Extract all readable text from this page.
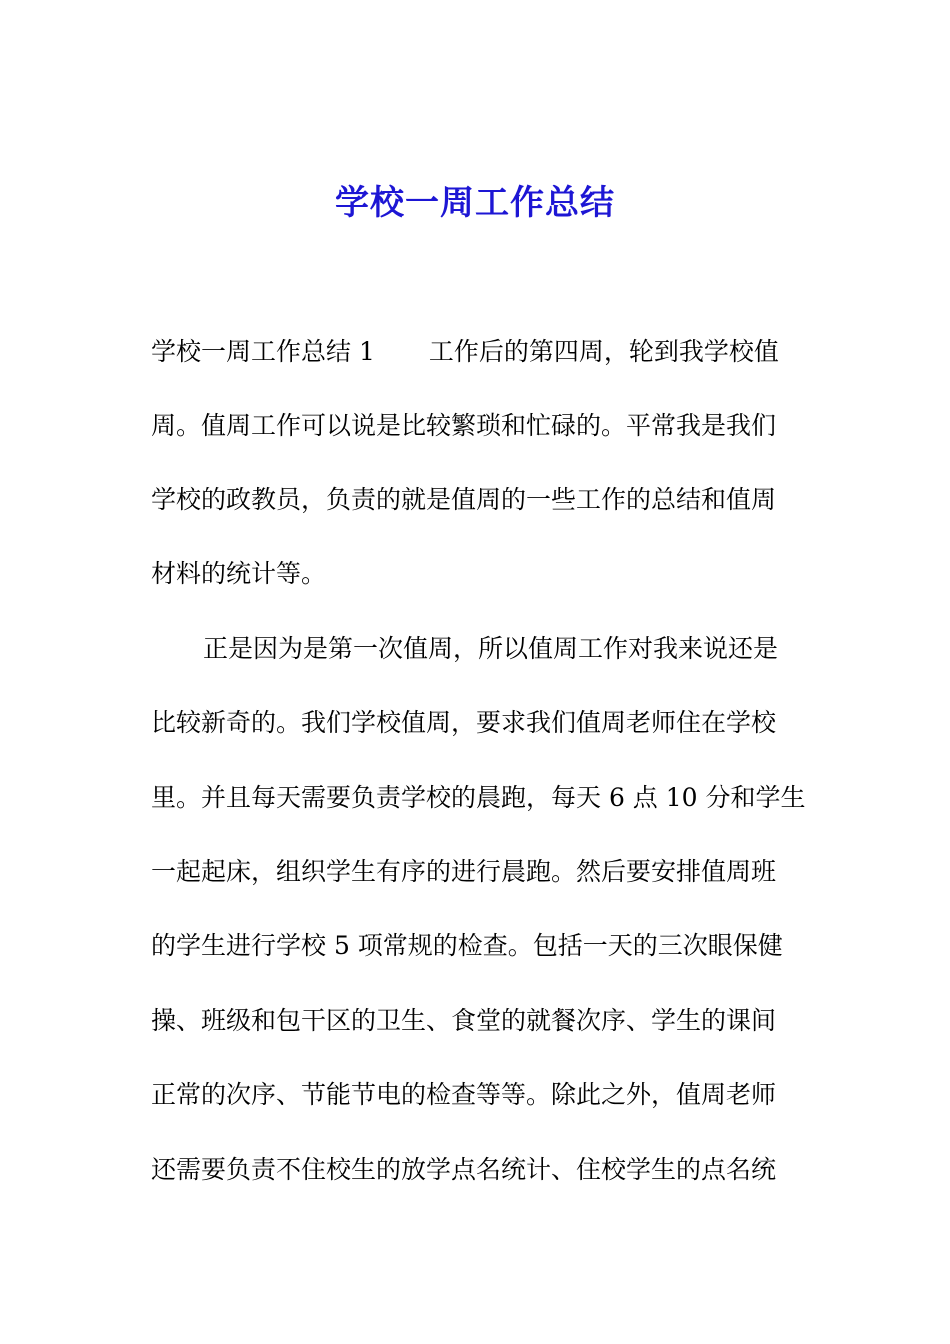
学校一周工作总结
学校一周工作总结 1 工作后的第四周，轮到我学校值
周。值周工作可以说是比较繁琐和忙碌的。平常我是我们
学校的政教员，负责的就是值周的一些工作的总结和值周
材料的统计等。
正是因为是第一次值周，所以值周工作对我来说还是
比较新奇的。我们学校值周，要求我们值周老师住在学校
里。并且每天需要负责学校的晨跑，每天 6 点 10 分和学生
一起起床，组织学生有序的进行晨跑。然后要安排值周班
的学生进行学校 5 项常规的检查。包括一天的三次眼保健
操、班级和包干区的卫生、食堂的就餐次序、学生的课间
正常的次序、节能节电的检查等等。除此之外，值周老师
还需要负责不住校生的放学点名统计、住校学生的点名统
